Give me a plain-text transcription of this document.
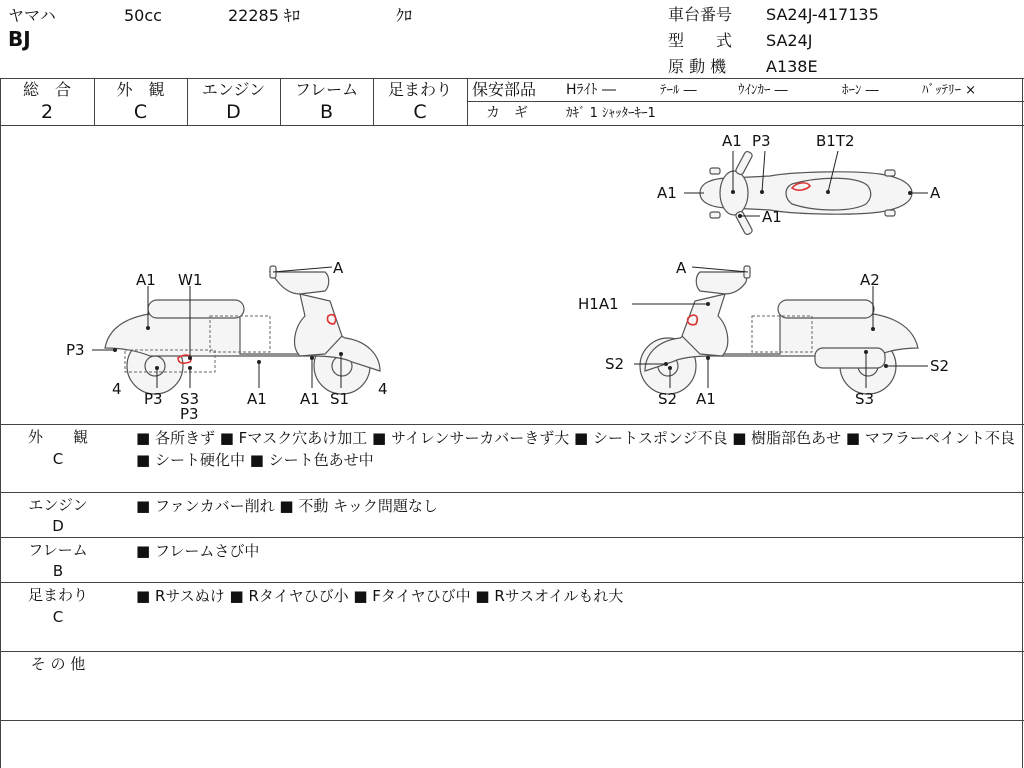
ヤマハ	50cc	22285 ｷﾛ	ｸﾛ
BJ
車台番号 SA24J-417135
型　　式 SA24J
原 動 機 A138E
総　合
2
外　観
C
エンジン
D
フレーム
B
足まわり
C
保安部品 Hﾗｲﾄ ―	ﾃｰﾙ ―	ｳｲﾝｶｰ ―	ﾎｰﾝ ―	ﾊﾞｯﾃﾘｰ ×
カ　ギ	ｶｷﾞ 1 ｼｬｯﾀｰｷｰ1
A1
A1 P3	B1T2
A
A1
A
A1 W1
P3
4	4
P3 S3
P3
A1 A1 S1
A
H1A1
A2
S2	S2
S2 A1	S3
外　　観
C
■ 各所きず ■ Fマスク穴あけ加工 ■ サイレンサーカバーきず大 ■ シートスポンジ不良 ■ 樹脂部色あせ ■ マフラーペイント不良 ■ シート硬化中 ■ シート色あせ中
エンジン
D
■ ファンカバー削れ ■ 不動 キック問題なし
フレーム
B
■ フレームさび中
足まわり
C
■ Rサスぬけ ■ Rタイヤひび小 ■ Fタイヤひび中 ■ Rサスオイルもれ大
そ の 他
